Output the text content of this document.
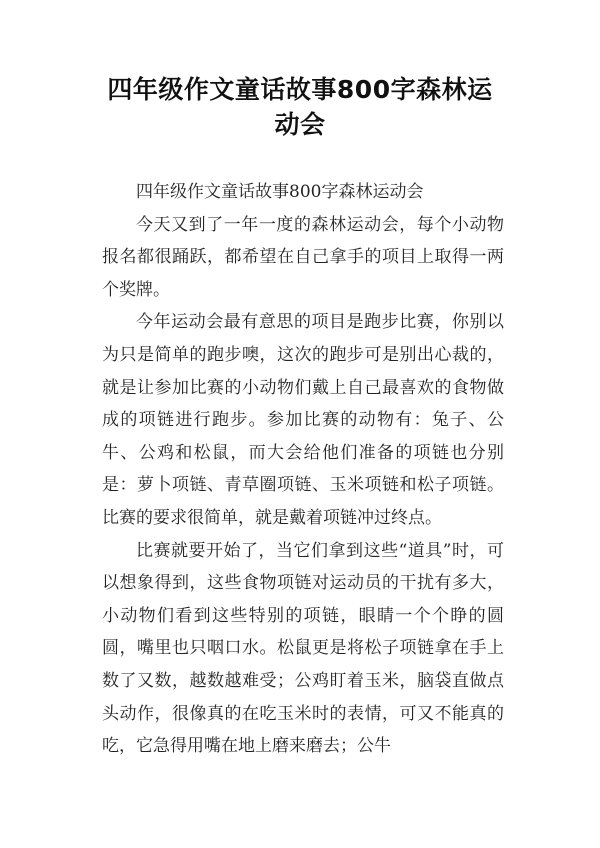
四年级作文童话故事800字森林运动会

四年级作文童话故事800字森林运动会

今天又到了一年一度的森林运动会，每个小动物报名都很踊跃，都希望在自己拿手的项目上取得一两个奖牌。

今年运动会最有意思的项目是跑步比赛，你别以为只是简单的跑步噢，这次的跑步可是别出心裁的，就是让参加比赛的小动物们戴上自己最喜欢的食物做成的项链进行跑步。参加比赛的动物有：兔子、公牛、公鸡和松鼠，而大会给他们准备的项链也分别是：萝卜项链、青草圈项链、玉米项链和松子项链。比赛的要求很简单，就是戴着项链冲过终点。

比赛就要开始了，当它们拿到这些“道具”时，可以想象得到，这些食物项链对运动员的干扰有多大，小动物们看到这些特别的项链，眼睛一个个睁的圆圆，嘴里也只咽口水。松鼠更是将松子项链拿在手上数了又数，越数越难受；公鸡盯着玉米，脑袋直做点头动作，很像真的在吃玉米时的表情，可又不能真的吃，它急得用嘴在地上磨来磨去；公牛
